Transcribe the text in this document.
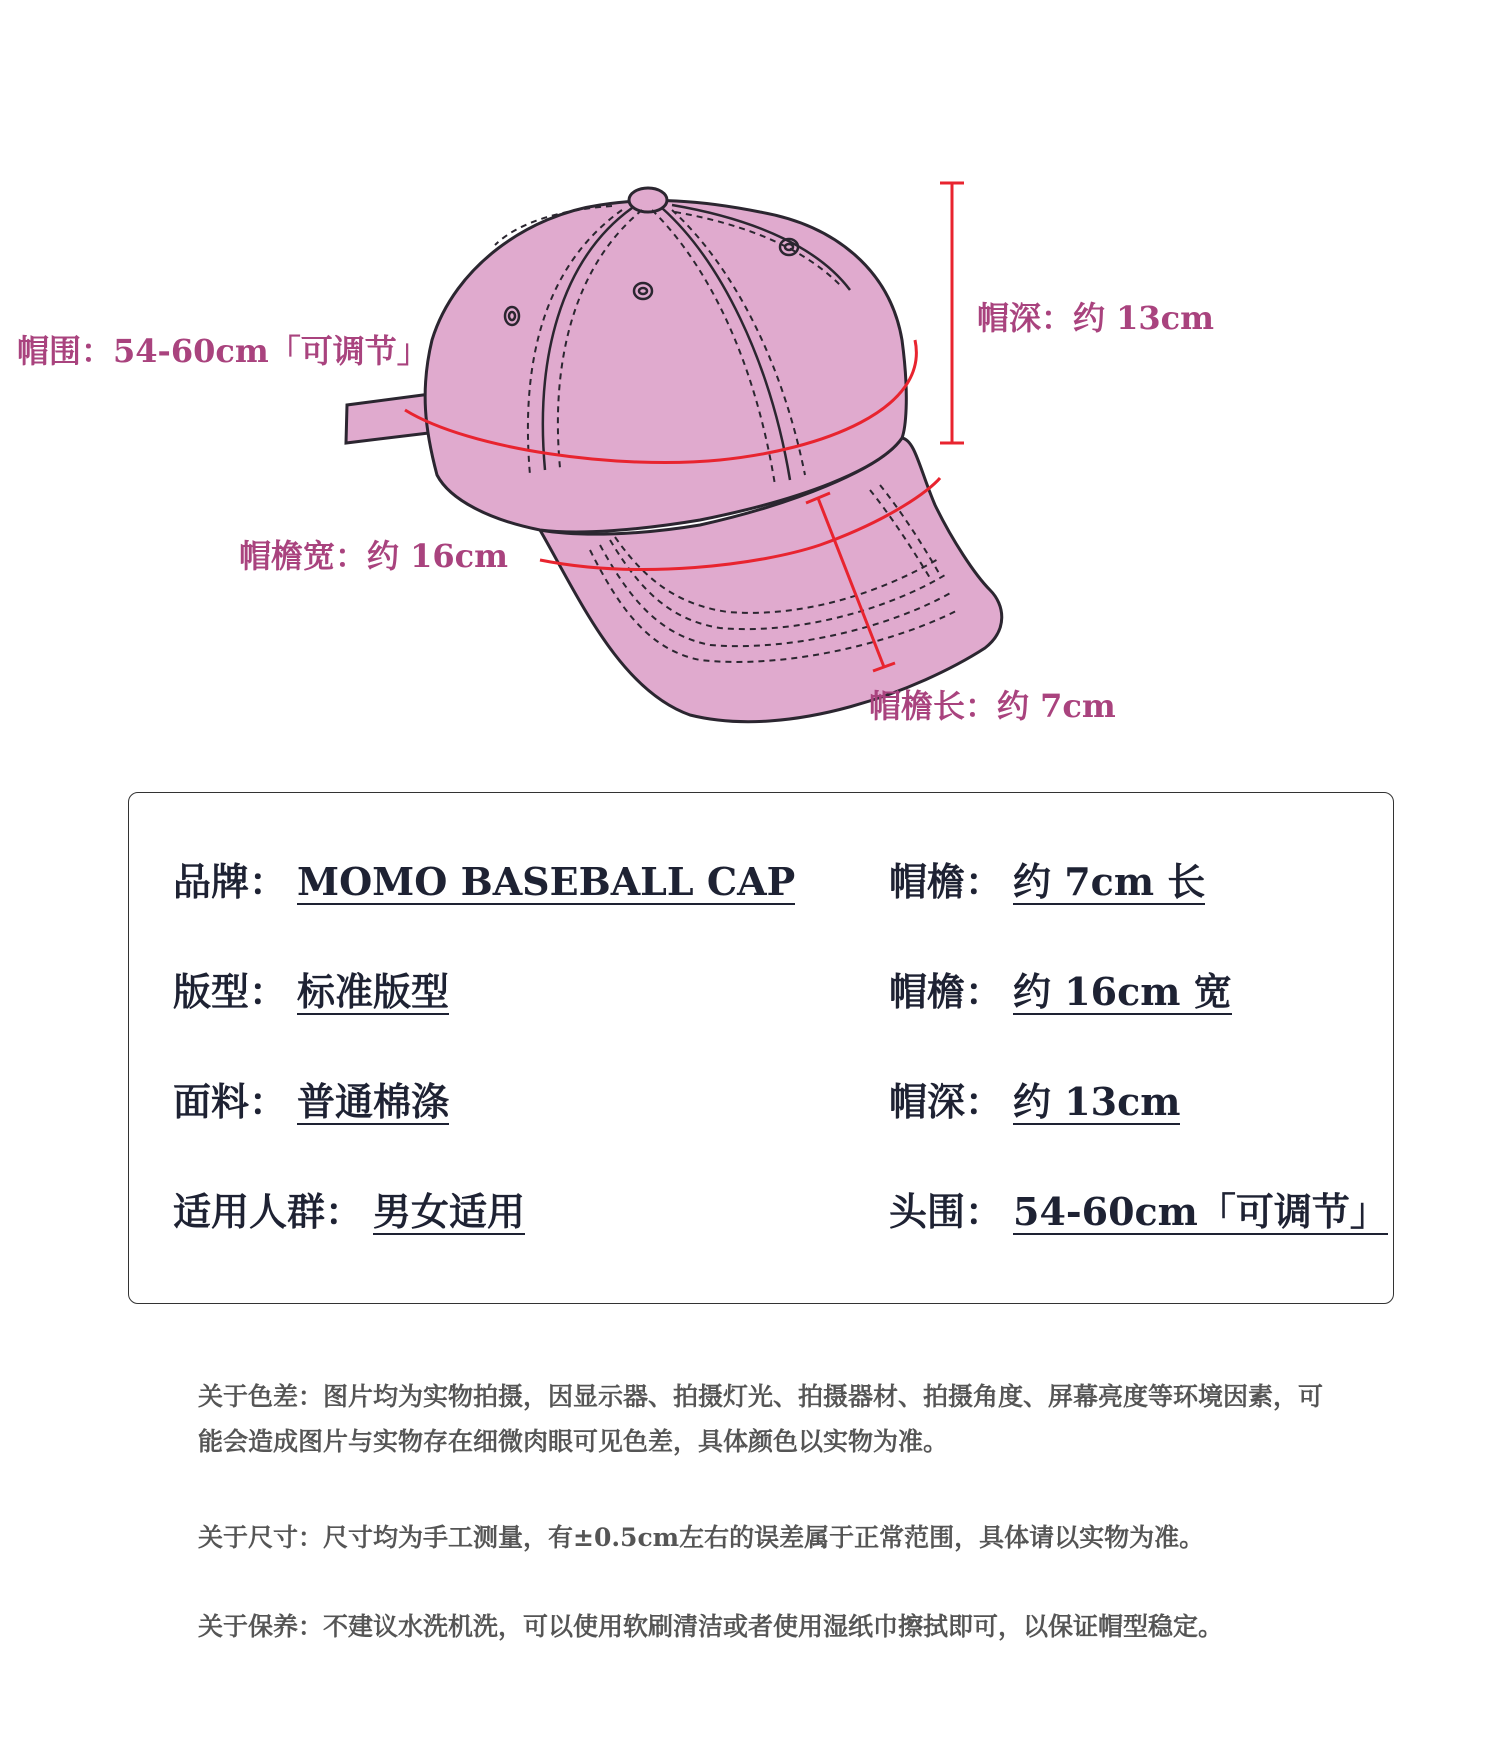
帽围：54-60cm「可调节」
帽深：约 13cm
帽檐宽：约 16cm
帽檐长：约 7cm
品牌： MOMO BASEBALL CAP
版型： 标准版型
面料： 普通棉涤
适用人群： 男女适用
帽檐： 约 7cm 长
帽檐： 约 16cm 宽
帽深： 约 13cm
头围： 54-60cm「可调节」
关于色差：图片均为实物拍摄，因显示器、拍摄灯光、拍摄器材、拍摄角度、屏幕亮度等环境因素，可能会造成图片与实物存在细微肉眼可见色差，具体颜色以实物为准。
关于尺寸：尺寸均为手工测量，有±0.5cm左右的误差属于正常范围，具体请以实物为准。
关于保养：不建议水洗机洗，可以使用软刷清洁或者使用湿纸巾擦拭即可，以保证帽型稳定。
